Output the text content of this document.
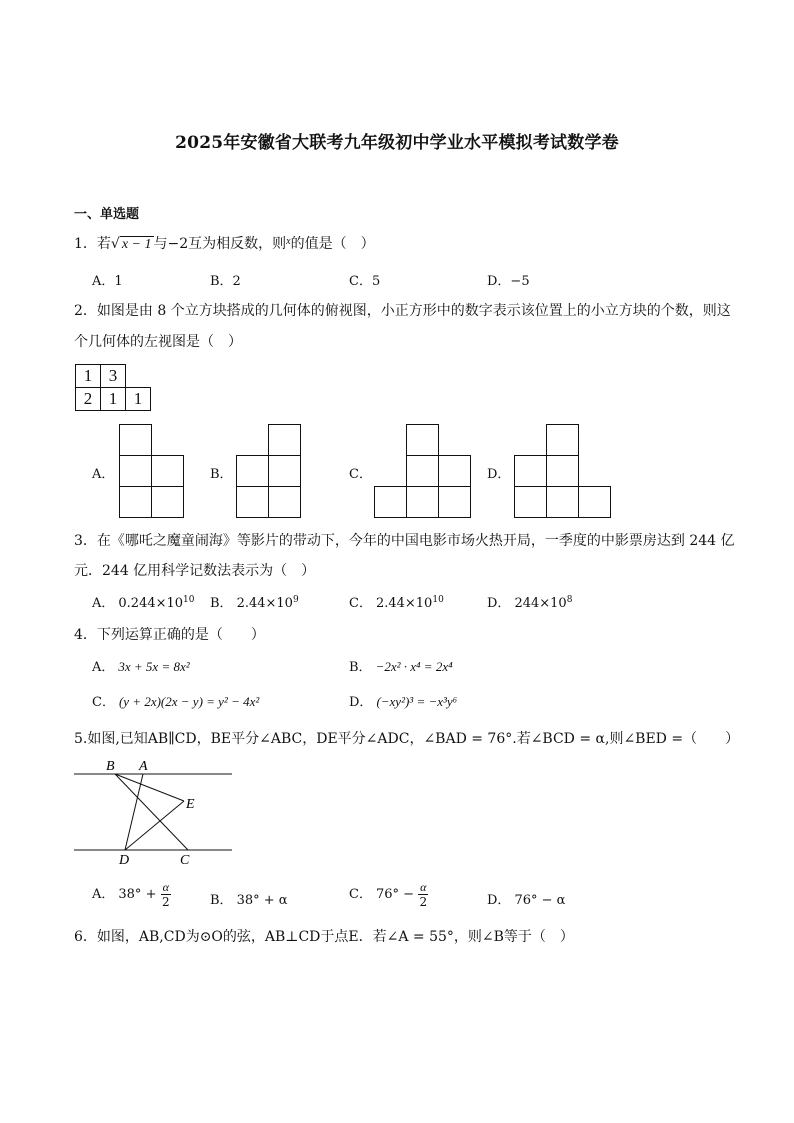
2025年安徽省大联考九年级初中学业水平模拟考试数学卷
一、单选题
1．若√ x − 1 与−2互为相反数，则$^x$的值是（　）
A．1	B．2	C．5	D．−5
2．如图是由 8 个立方块搭成的几何体的俯视图，小正方形中的数字表示该位置上的小立方块的个数，则这
个几何体的左视图是（　）
1 3
2 1 1
A．	B．	C．	D．
3．在《哪吒之魔童闹海》等影片的带动下，今年的中国电影市场火热开局，一季度的中影票房达到 244 亿
元．244 亿用科学记数法表示为（　）
A． $0.244\times 10^{10}$ B． $2.44\times 10^9$	C． $2.44\times 10^{10}$	D． $244\times 10^8$
4．下列运算正确的是（　　）
A． 3x + 5x = 8x²	B． −2x² · x⁴ = 2x⁴
C． (y + 2x)(2x − y) = y² − 4x²	D． (−xy²)³ = −x³y⁶
5.如图,已知AB∥CD，BE平分∠ABC，DE平分∠ADC，∠BAD = 76°.若∠BCD = α,则∠BED =（　　）
B A
E
D	C
A． $38^\circ + \frac{\alpha}{2}$	B． 38° + α	C． $76^\circ - \frac{\alpha}{2}$	D． 76° − α
6．如图，AB,CD为⊙O的弦，AB⊥CD于点E．若∠A = 55°，则∠B等于（　）
